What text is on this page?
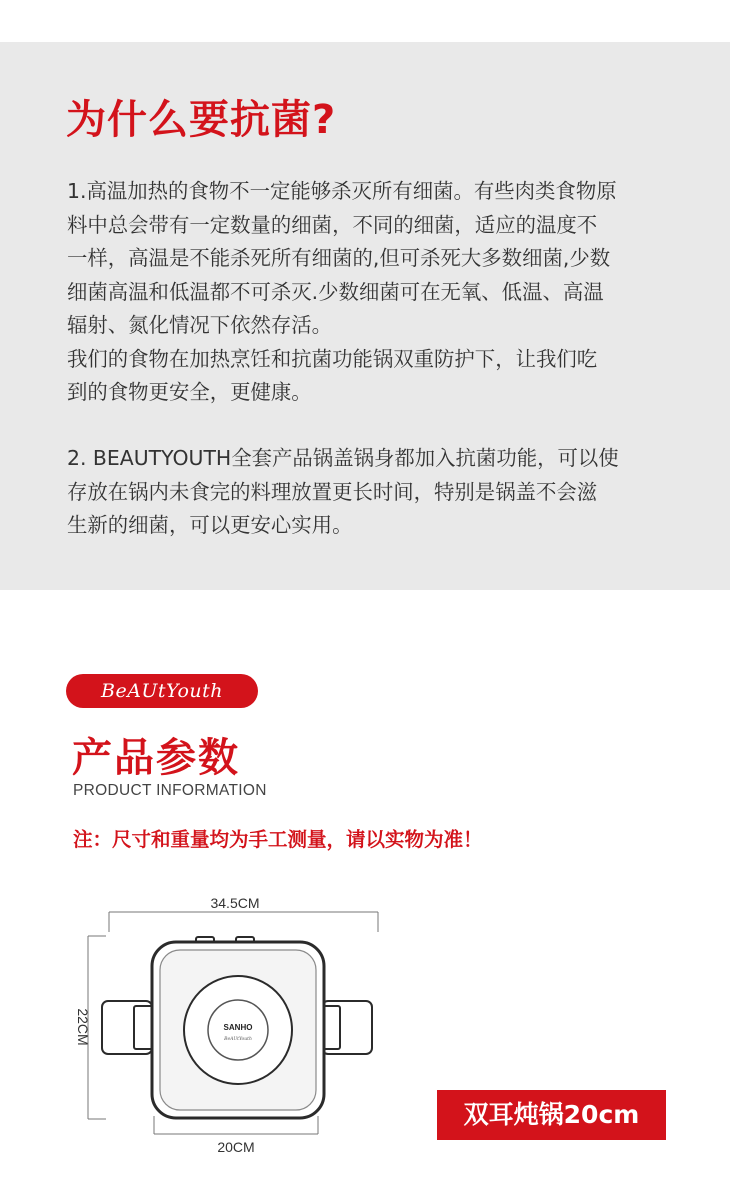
为什么要抗菌?
1.高温加热的食物不一定能够杀灭所有细菌。有些肉类食物原
料中总会带有一定数量的细菌，不同的细菌，适应的温度不
一样，高温是不能杀死所有细菌的,但可杀死大多数细菌,少数
细菌高温和低温都不可杀灭.少数细菌可在无氧、低温、高温
辐射、氮化情况下依然存活。
我们的食物在加热烹饪和抗菌功能锅双重防护下，让我们吃
到的食物更安全，更健康。
2. BEAUTYOUTH全套产品锅盖锅身都加入抗菌功能，可以使
存放在锅内未食完的料理放置更长时间，特别是锅盖不会滋
生新的细菌，可以更安心实用。
BeAUtYouth
产品参数
PRODUCT INFORMATION
注：尺寸和重量均为手工测量，请以实物为准！
34.5CM
22CM
20CM
SANHO
BeAUtYouth
双耳炖锅20cm
